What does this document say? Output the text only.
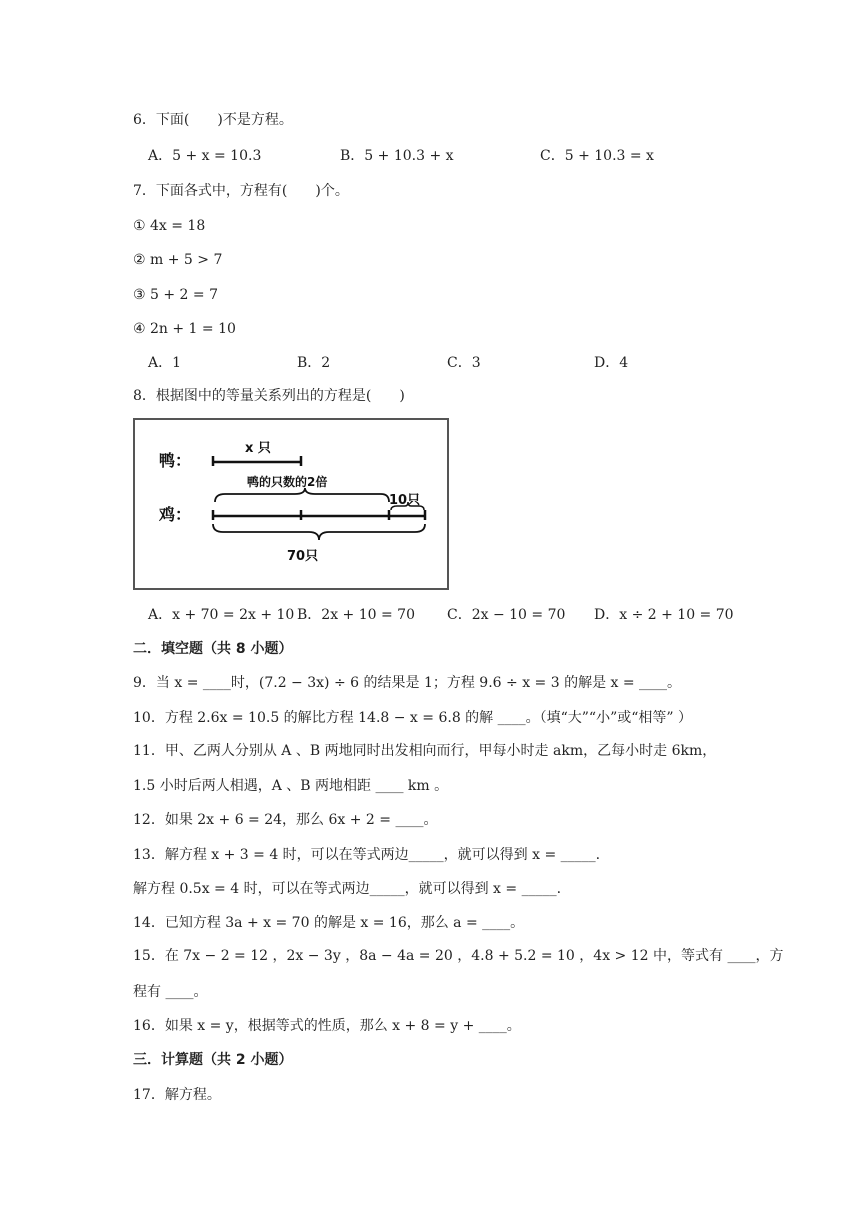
6．下面(　　)不是方程。
A．5 + x = 10.3	B．5 + 10.3 + x	C．5 + 10.3 = x
7．下面各式中，方程有(　　)个。
① 4x = 18
② m + 5 > 7
③ 5 + 2 = 7
④ 2n + 1 = 10
A．1	B．2	C．3	D．4
8．根据图中的等量关系列出的方程是(　　)
鸭：
鸡：
x 只
鸭的只数的2倍
10只
70只
A．x + 70 = 2x + 10 B．2x + 10 = 70 C．2x − 10 = 70 D．x ÷ 2 + 10 = 70
二．填空题（共 8 小题）
9．当 x = ____时，(7.2 − 3x) ÷ 6 的结果是 1；方程 9.6 ÷ x = 3 的解是 x = ____。
10．方程 2.6x = 10.5 的解比方程 14.8 − x = 6.8 的解 ____。（填“大”“小”或“相等” ）
11．甲、乙两人分别从 A 、B 两地同时出发相向而行，甲每小时走 akm，乙每小时走 6km，
1.5 小时后两人相遇，A 、B 两地相距 ____ km 。
12．如果 2x + 6 = 24，那么 6x + 2 = ____。
13．解方程 x + 3 = 4 时，可以在等式两边_____，就可以得到 x = _____.
解方程 0.5x = 4 时，可以在等式两边_____，就可以得到 x = _____.
14．已知方程 3a + x = 70 的解是 x = 16，那么 a = ____。
15．在 7x − 2 = 12 ，2x − 3y ，8a − 4a = 20 ，4.8 + 5.2 = 10 ，4x > 12 中，等式有 ____，方
程有 ____。
16．如果 x = y，根据等式的性质，那么 x + 8 = y + ____。
三．计算题（共 2 小题）
17．解方程。
